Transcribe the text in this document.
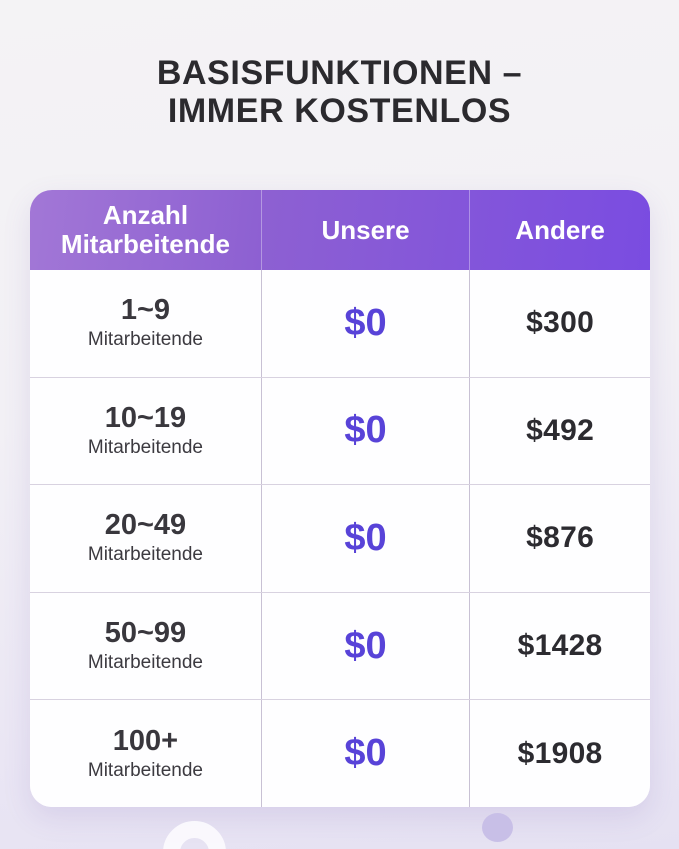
BASISFUNKTIONEN –
IMMER KOSTENLOS
Anzahl Mitarbeitende	Unsere	Andere
1~9
Mitarbeitende	$0	$300
10~19
Mitarbeitende	$0	$492
20~49
Mitarbeitende	$0	$876
50~99
Mitarbeitende	$0	$1428
100+
Mitarbeitende	$0	$1908
